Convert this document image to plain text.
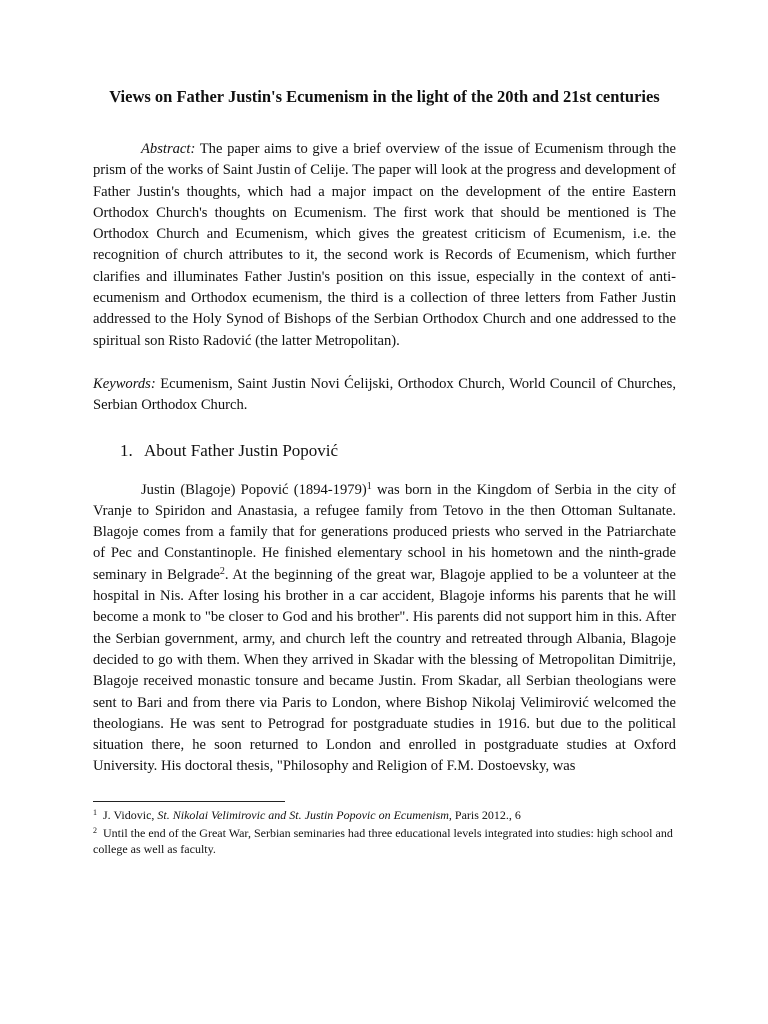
Views on Father Justin's Ecumenism in the light of the 20th and 21st centuries

Abstract: The paper aims to give a brief overview of the issue of Ecumenism through the prism of the works of Saint Justin of Celije. The paper will look at the progress and development of Father Justin's thoughts, which had a major impact on the development of the entire Eastern Orthodox Church's thoughts on Ecumenism. The first work that should be mentioned is The Orthodox Church and Ecumenism, which gives the greatest criticism of Ecumenism, i.e. the recognition of church attributes to it, the second work is Records of Ecumenism, which further clarifies and illuminates Father Justin's position on this issue, especially in the context of anti-ecumenism and Orthodox ecumenism, the third is a collection of three letters from Father Justin addressed to the Holy Synod of Bishops of the Serbian Orthodox Church and one addressed to the spiritual son Risto Radović (the latter Metropolitan).

Keywords: Ecumenism, Saint Justin Novi Ćelijski, Orthodox Church, World Council of Churches, Serbian Orthodox Church.

1. About Father Justin Popović

Justin (Blagoje) Popović (1894-1979)$^1$ was born in the Kingdom of Serbia in the city of Vranje to Spiridon and Anastasia, a refugee family from Tetovo in the then Ottoman Sultanate. Blagoje comes from a family that for generations produced priests who served in the Patriarchate of Pec and Constantinople. He finished elementary school in his hometown and the ninth-grade seminary in Belgrade$^2$. At the beginning of the great war, Blagoje applied to be a volunteer at the hospital in Nis. After losing his brother in a car accident, Blagoje informs his parents that he will become a monk to "be closer to God and his brother". His parents did not support him in this. After the Serbian government, army, and church left the country and retreated through Albania, Blagoje decided to go with them. When they arrived in Skadar with the blessing of Metropolitan Dimitrije, Blagoje received monastic tonsure and became Justin. From Skadar, all Serbian theologians were sent to Bari and from there via Paris to London, where Bishop Nikolaj Velimirović welcomed the theologians. He was sent to Petrograd for postgraduate studies in 1916. but due to the political situation there, he soon returned to London and enrolled in postgraduate studies at Oxford University. His doctoral thesis, "Philosophy and Religion of F.M. Dostoevsky, was

$^1$ J. Vidovic, St. Nikolai Velimirovic and St. Justin Popovic on Ecumenism, Paris 2012., 6

$^2$ Until the end of the Great War, Serbian seminaries had three educational levels integrated into studies: high school and college as well as faculty.
